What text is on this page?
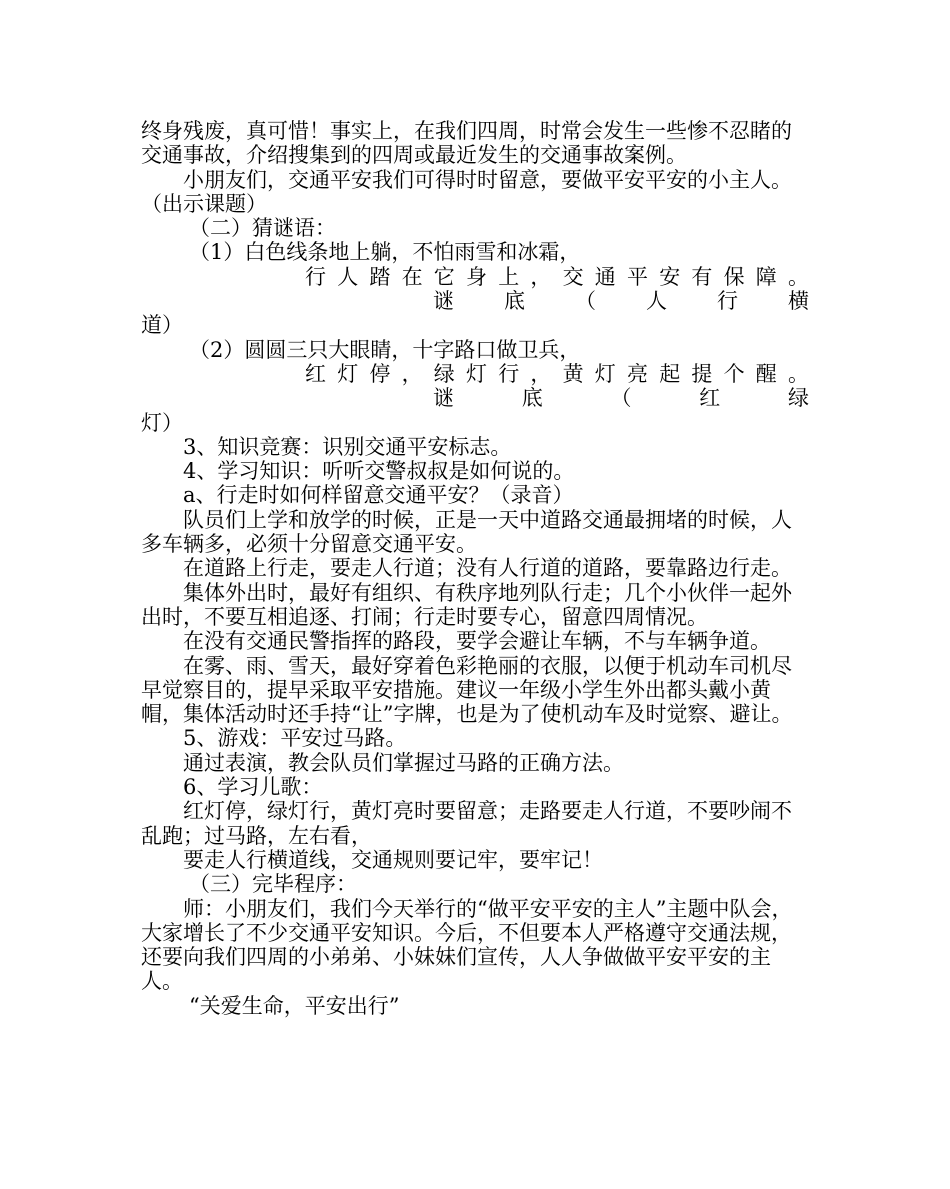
终身残废，真可惜！事实上，在我们四周，时常会发生一些惨不忍睹的交通事故，介绍搜集到的四周或最近发生的交通事故案例。

小朋友们，交通平安我们可得时时留意，要做平安平安的小主人。（出示课题）

（二）猜谜语：

（1）白色线条地上躺，不怕雨雪和冰霜，

行人踏在它身上，交通平安有保障。

谜底（人行横

道）

（2）圆圆三只大眼睛，十字路口做卫兵，

红灯停，绿灯行，黄灯亮起提个醒。

谜底（红绿

灯）

3、知识竞赛：识别交通平安标志。

4、学习知识：听听交警叔叔是如何说的。

a、行走时如何样留意交通平安？（录音）

队员们上学和放学的时候，正是一天中道路交通最拥堵的时候，人多车辆多，必须十分留意交通平安。

在道路上行走，要走人行道；没有人行道的道路，要靠路边行走。

集体外出时，最好有组织、有秩序地列队行走；几个小伙伴一起外出时，不要互相追逐、打闹；行走时要专心，留意四周情况。

在没有交通民警指挥的路段，要学会避让车辆，不与车辆争道。

在雾、雨、雪天，最好穿着色彩艳丽的衣服，以便于机动车司机尽早觉察目的，提早采取平安措施。建议一年级小学生外出都头戴小黄帽，集体活动时还手持“让”字牌，也是为了使机动车及时觉察、避让。

5、游戏：平安过马路。

通过表演，教会队员们掌握过马路的正确方法。

6、学习儿歌：

红灯停，绿灯行，黄灯亮时要留意；走路要走人行道，不要吵闹不乱跑；过马路，左右看，

要走人行横道线，交通规则要记牢，要牢记！

（三）完毕程序：

师：小朋友们，我们今天举行的“做平安平安的主人”主题中队会，大家增长了不少交通平安知识。今后，不但要本人严格遵守交通法规，还要向我们四周的小弟弟、小妹妹们宣传，人人争做做平安平安的主人。

“关爱生命，平安出行”
